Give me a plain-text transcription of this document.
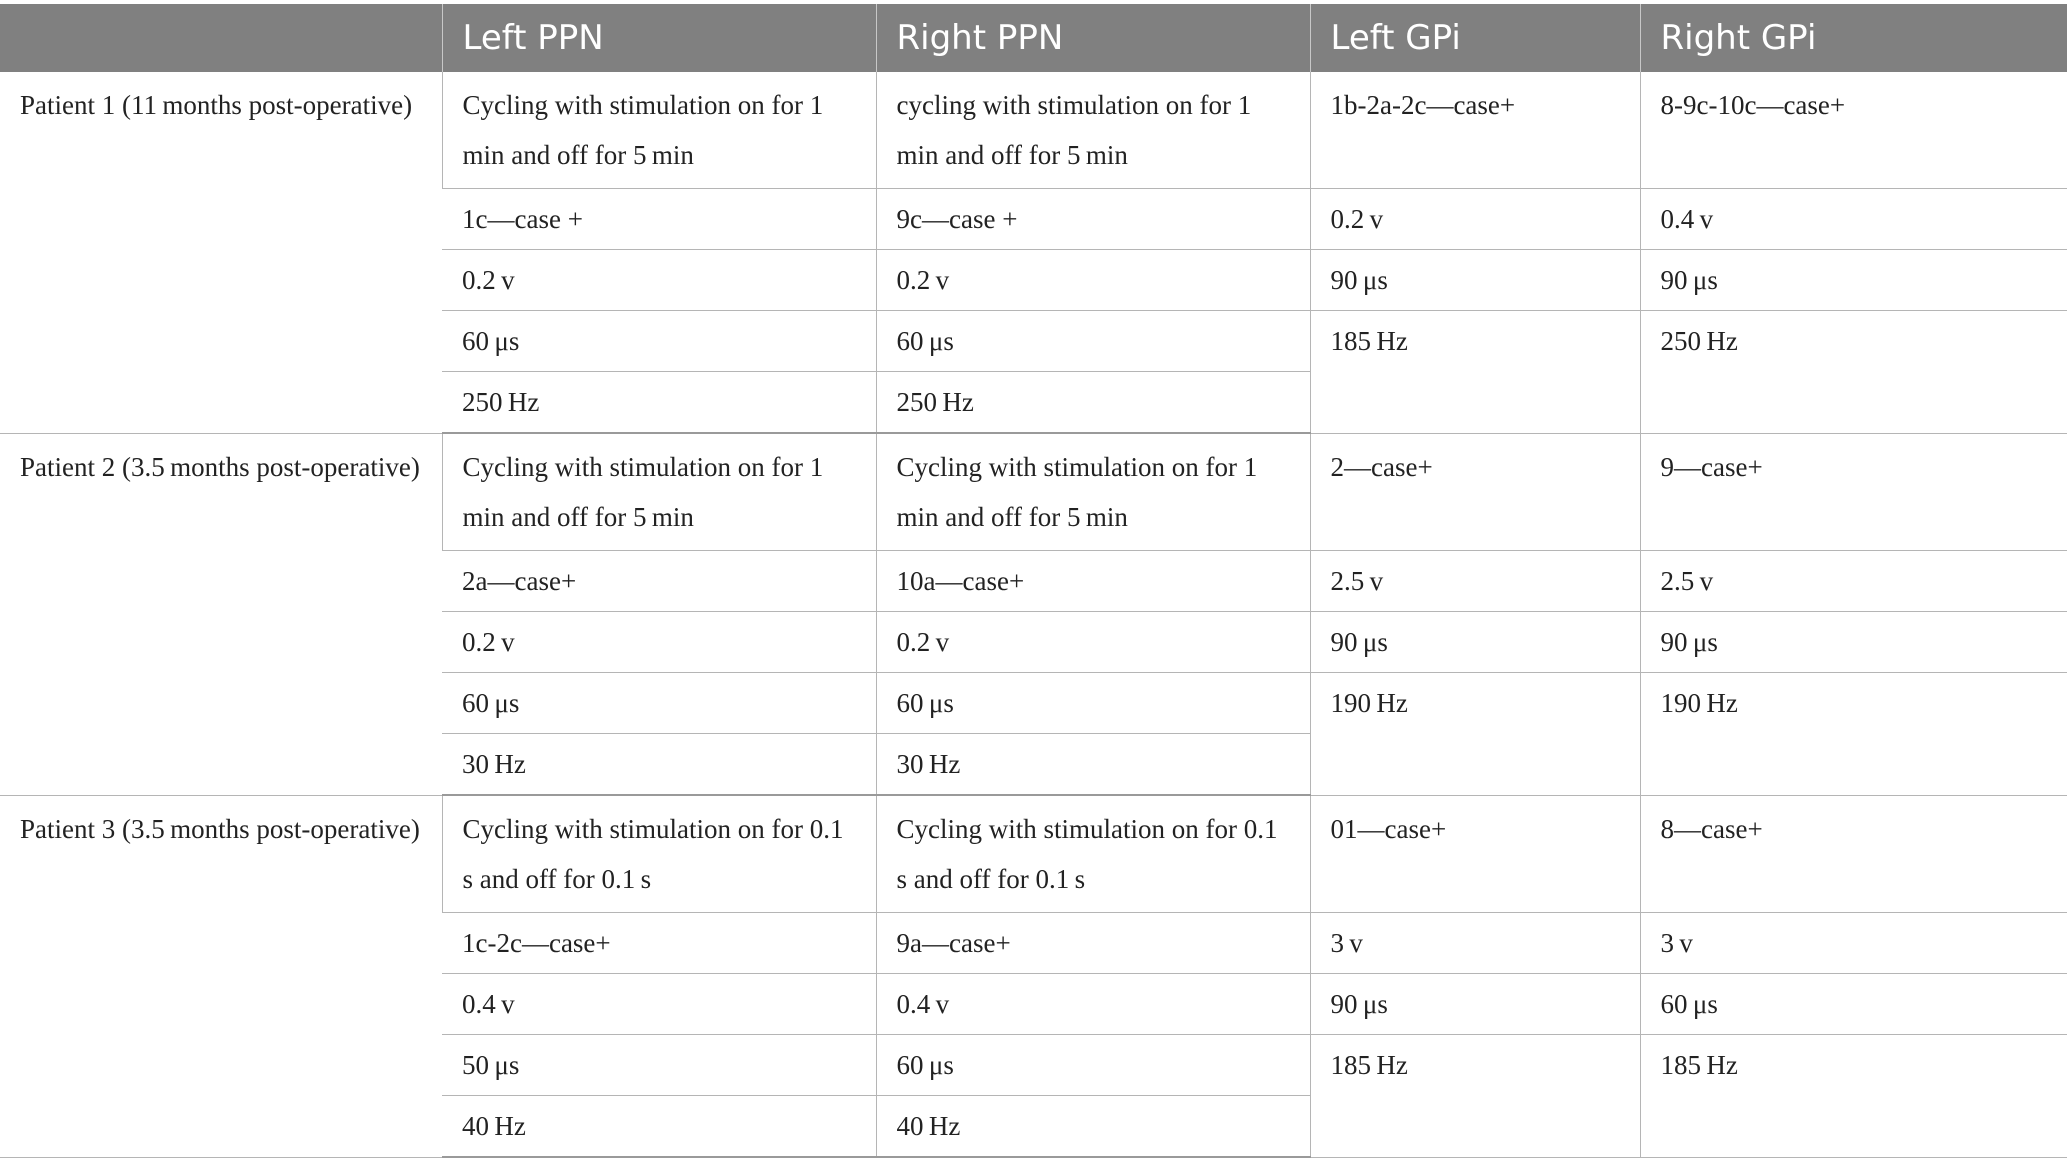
	Left PPN	Right PPN	Left GPi	Right GPi
Patient 1 (11 months post-operative)	Cycling with stimulation on for 1 min and off for 5 min	cycling with stimulation on for 1 min and off for 5 min	1b-2a-2c—case+	8-9c-10c—case+
	1c—case +	9c—case +	0.2 v	0.4 v
	0.2 v	0.2 v	90 μs	90 μs
	60 μs	60 μs	185 Hz	250 Hz
	250 Hz	250 Hz		
Patient 2 (3.5 months post-operative)	Cycling with stimulation on for 1 min and off for 5 min	Cycling with stimulation on for 1 min and off for 5 min	2—case+	9—case+
	2a—case+	10a—case+	2.5 v	2.5 v
	0.2 v	0.2 v	90 μs	90 μs
	60 μs	60 μs	190 Hz	190 Hz
	30 Hz	30 Hz		
Patient 3 (3.5 months post-operative)	Cycling with stimulation on for 0.1 s and off for 0.1 s	Cycling with stimulation on for 0.1 s and off for 0.1 s	01—case+	8—case+
	1c-2c—case+	9a—case+	3 v	3 v
	0.4 v	0.4 v	90 μs	60 μs
	50 μs	60 μs	185 Hz	185 Hz
	40 Hz	40 Hz		
